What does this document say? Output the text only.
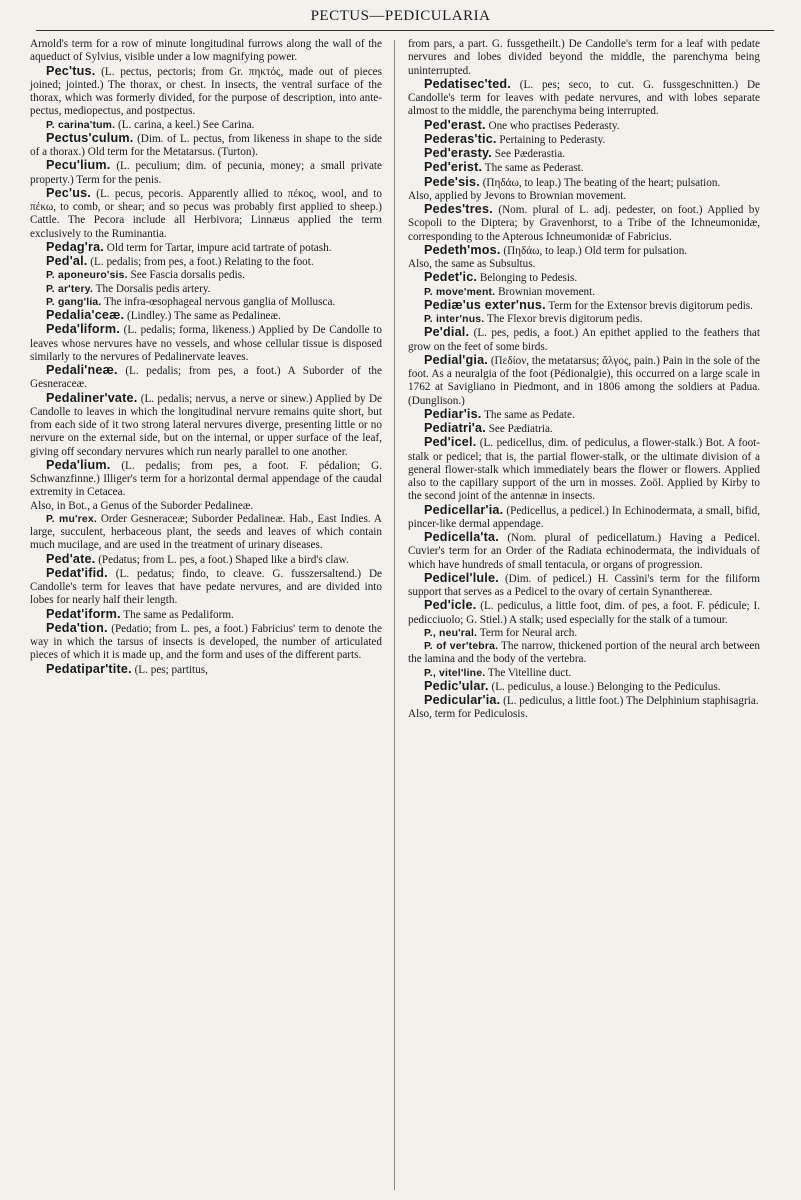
PECTUS—PEDICULARIA

Arnold's term for a row of minute longitudinal furrows along the wall of the aqueduct of Sylvius, visible under a low magnifying power.

Pec'tus. (L. pectus, pectoris; from Gr. πηκτός, made out of pieces joined; jointed.) The thorax, or chest. In insects, the ventral surface of the thorax, which was formerly divided, for the purpose of description, into ante-pectus, mediopectus, and postpectus.

P. carina'tum. (L. carina, a keel.) See Carina.

Pectus'culum. (Dim. of L. pectus, from likeness in shape to the side of a thorax.) Old term for the Metatarsus. (Turton).

Pecu'lium. (L. peculium; dim. of pecunia, money; a small private property.) Term for the penis.

Pec'us. (L. pecus, pecoris. Apparently allied to πέκος, wool, and to πέκω, to comb, or shear; and so pecus was probably first applied to sheep.) Cattle. The Pecora include all Herbivora; Linnæus applied the term exclusively to the Ruminantia.

Pedag'ra. Old term for Tartar, impure acid tartrate of potash.

Ped'al. (L. pedalis; from pes, a foot.) Relating to the foot.

P. aponeuro'sis. See Fascia dorsalis pedis.

P. ar'tery. The Dorsalis pedis artery.

P. gang'lia. The infra-œsophageal nervous ganglia of Mollusca.

Pedalia'ceæ. (Lindley.) The same as Pedalineæ.

Peda'liform. (L. pedalis; forma, likeness.) Applied by De Candolle to leaves whose nervures have no vessels, and whose cellular tissue is disposed similarly to the nervures of Pedalinervate leaves.

Pedali'neæ. (L. pedalis; from pes, a foot.) A Suborder of the Gesneraceæ.

Pedaliner'vate. (L. pedalis; nervus, a nerve or sinew.) Applied by De Candolle to leaves in which the longitudinal nervure remains quite short, but from each side of it two strong lateral nervures diverge, presenting little or no nervure on the external side, but on the internal, or upper surface of the leaf, giving off secondary nervures which run nearly parallel to one another.

Peda'lium. (L. pedalis; from pes, a foot. F. pédalion; G. Schwanzfinne.) Illiger's term for a horizontal dermal appendage of the caudal extremity in Cetacea.

Also, in Bot., a Genus of the Suborder Pedalineæ.

P. mu'rex. Order Gesneraceæ; Suborder Pedalineæ. Hab., East Indies. A large, succulent, herbaceous plant, the seeds and leaves of which contain much mucilage, and are used in the treatment of urinary diseases.

Ped'ate. (Pedatus; from L. pes, a foot.) Shaped like a bird's claw.

Pedat'ifid. (L. pedatus; findo, to cleave. G. fusszersaltend.) De Candolle's term for leaves that have pedate nervures, and are divided into lobes for nearly half their length.

Pedat'iform. The same as Pedaliform.

Peda'tion. (Pedatio; from L. pes, a foot.) Fabricius' term to denote the way in which the tarsus of insects is developed, the number of articulated pieces of which it is made up, and the form and uses of the different parts.

Pedatipar'tite. (L. pes; partitus,

from pars, a part. G. fussgetheilt.) De Candolle's term for a leaf with pedate nervures and lobes divided beyond the middle, the parenchyma being uninterrupted.

Pedatisec'ted. (L. pes; seco, to cut. G. fussgeschnitten.) De Candolle's term for leaves with pedate nervures, and with lobes separate almost to the middle, the parenchyma being interrupted.

Ped'erast. One who practises Pederasty.

Pederas'tic. Pertaining to Pederasty.

Ped'erasty. See Pæderastia.

Ped'erist. The same as Pederast.

Pede'sis. (Πηδάω, to leap.) The beating of the heart; pulsation.

Also, applied by Jevons to Brownian movement.

Pedes'tres. (Nom. plural of L. adj. pedester, on foot.) Applied by Scopoli to the Diptera; by Gravenhorst, to a Tribe of the Ichneumonidæ, corresponding to the Apterous Ichneumonidæ of Fabricius.

Pedeth'mos. (Πηδάω, to leap.) Old term for pulsation.

Also, the same as Subsultus.

Pedet'ic. Belonging to Pedesis.

P. move'ment. Brownian movement.

Pediæ'us exter'nus. Term for the Extensor brevis digitorum pedis.

P. inter'nus. The Flexor brevis digitorum pedis.

Pe'dial. (L. pes, pedis, a foot.) An epithet applied to the feathers that grow on the feet of some birds.

Pedial'gia. (Πεδίον, the metatarsus; ἄλγος, pain.) Pain in the sole of the foot. As a neuralgia of the foot (Pédionalgie), this occurred on a large scale in 1762 at Savigliano in Piedmont, and in 1806 among the soldiers at Padua. (Dunglison.)

Pediar'is. The same as Pedate.

Pediatri'a. See Pædiatria.

Ped'icel. (L. pedicellus, dim. of pediculus, a flower-stalk.) Bot. A foot-stalk or pedicel; that is, the partial flower-stalk, or the ultimate division of a general flower-stalk which immediately bears the flower or flowers. Applied also to the capillary support of the urn in mosses. Zoöl. Applied by Kirby to the second joint of the antennæ in insects.

Pedicellar'ia. (Pedicellus, a pedicel.) In Echinodermata, a small, bifid, pincer-like dermal appendage.

Pedicella'ta. (Nom. plural of pedicellatum.) Having a Pedicel. Cuvier's term for an Order of the Radiata echinodermata, the individuals of which have hundreds of small tentacula, or organs of progression.

Pedicel'lule. (Dim. of pedicel.) H. Cassini's term for the filiform support that serves as a Pedicel to the ovary of certain Synanthereæ.

Ped'icle. (L. pediculus, a little foot, dim. of pes, a foot. F. pédicule; I. pedicciuolo; G. Stiel.) A stalk; used especially for the stalk of a tumour.

P., neu'ral. Term for Neural arch.

P. of ver'tebra. The narrow, thickened portion of the neural arch between the lamina and the body of the vertebra.

P., vitel'line. The Vitelline duct.

Pedic'ular. (L. pediculus, a louse.) Belonging to the Pediculus.

Pedicular'ia. (L. pediculus, a little foot.) The Delphinium staphisagria.

Also, term for Pediculosis.
